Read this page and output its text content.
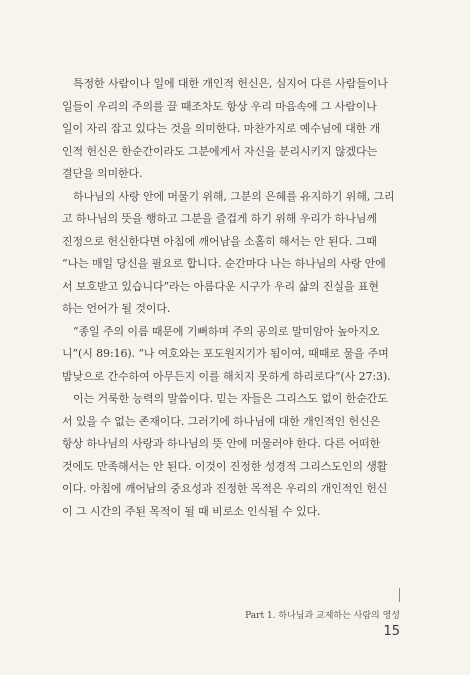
특정한 사람이나 일에 대한 개인적 헌신은, 심지어 다른 사람들이나
일들이 우리의 주의를 끌 때조차도 항상 우리 마음속에 그 사람이나
일이 자리 잡고 있다는 것을 의미한다. 마찬가지로 예수님에 대한 개
인적 헌신은 한순간이라도 그분에게서 자신을 분리시키지 않겠다는
결단을 의미한다.

하나님의 사랑 안에 머물기 위해, 그분의 은혜를 유지하기 위해, 그리
고 하나님의 뜻을 행하고 그분을 즐겁게 하기 위해 우리가 하나님께
진정으로 헌신한다면 아침에 깨어남을 소홀히 해서는 안 된다. 그때
“나는 매일 당신을 필요로 합니다. 순간마다 나는 하나님의 사랑 안에
서 보호받고 있습니다”라는 아름다운 시구가 우리 삶의 진실을 표현
하는 언어가 될 것이다.

“종일 주의 이름 때문에 기뻐하며 주의 공의로 말미암아 높아지오
니”(시 89:16). “나 여호와는 포도원지기가 됨이여, 때때로 물을 주며
밤낮으로 간수하여 아무든지 이를 해치지 못하게 하리로다”(사 27:3).

이는 거룩한 능력의 말씀이다. 믿는 자들은 그리스도 없이 한순간도
서 있을 수 없는 존재이다. 그러기에 하나님에 대한 개인적인 헌신은
항상 하나님의 사랑과 하나님의 뜻 안에 머물러야 한다. 다른 어떠한
것에도 만족해서는 안 된다. 이것이 진정한 성경적 그리스도인의 생활
이다. 아침에 깨어남의 중요성과 진정한 목적은 우리의 개인적인 헌신
이 그 시간의 주된 목적이 될 때 비로소 인식될 수 있다.

Part 1. 하나님과 교제하는 사람의 영성
15
